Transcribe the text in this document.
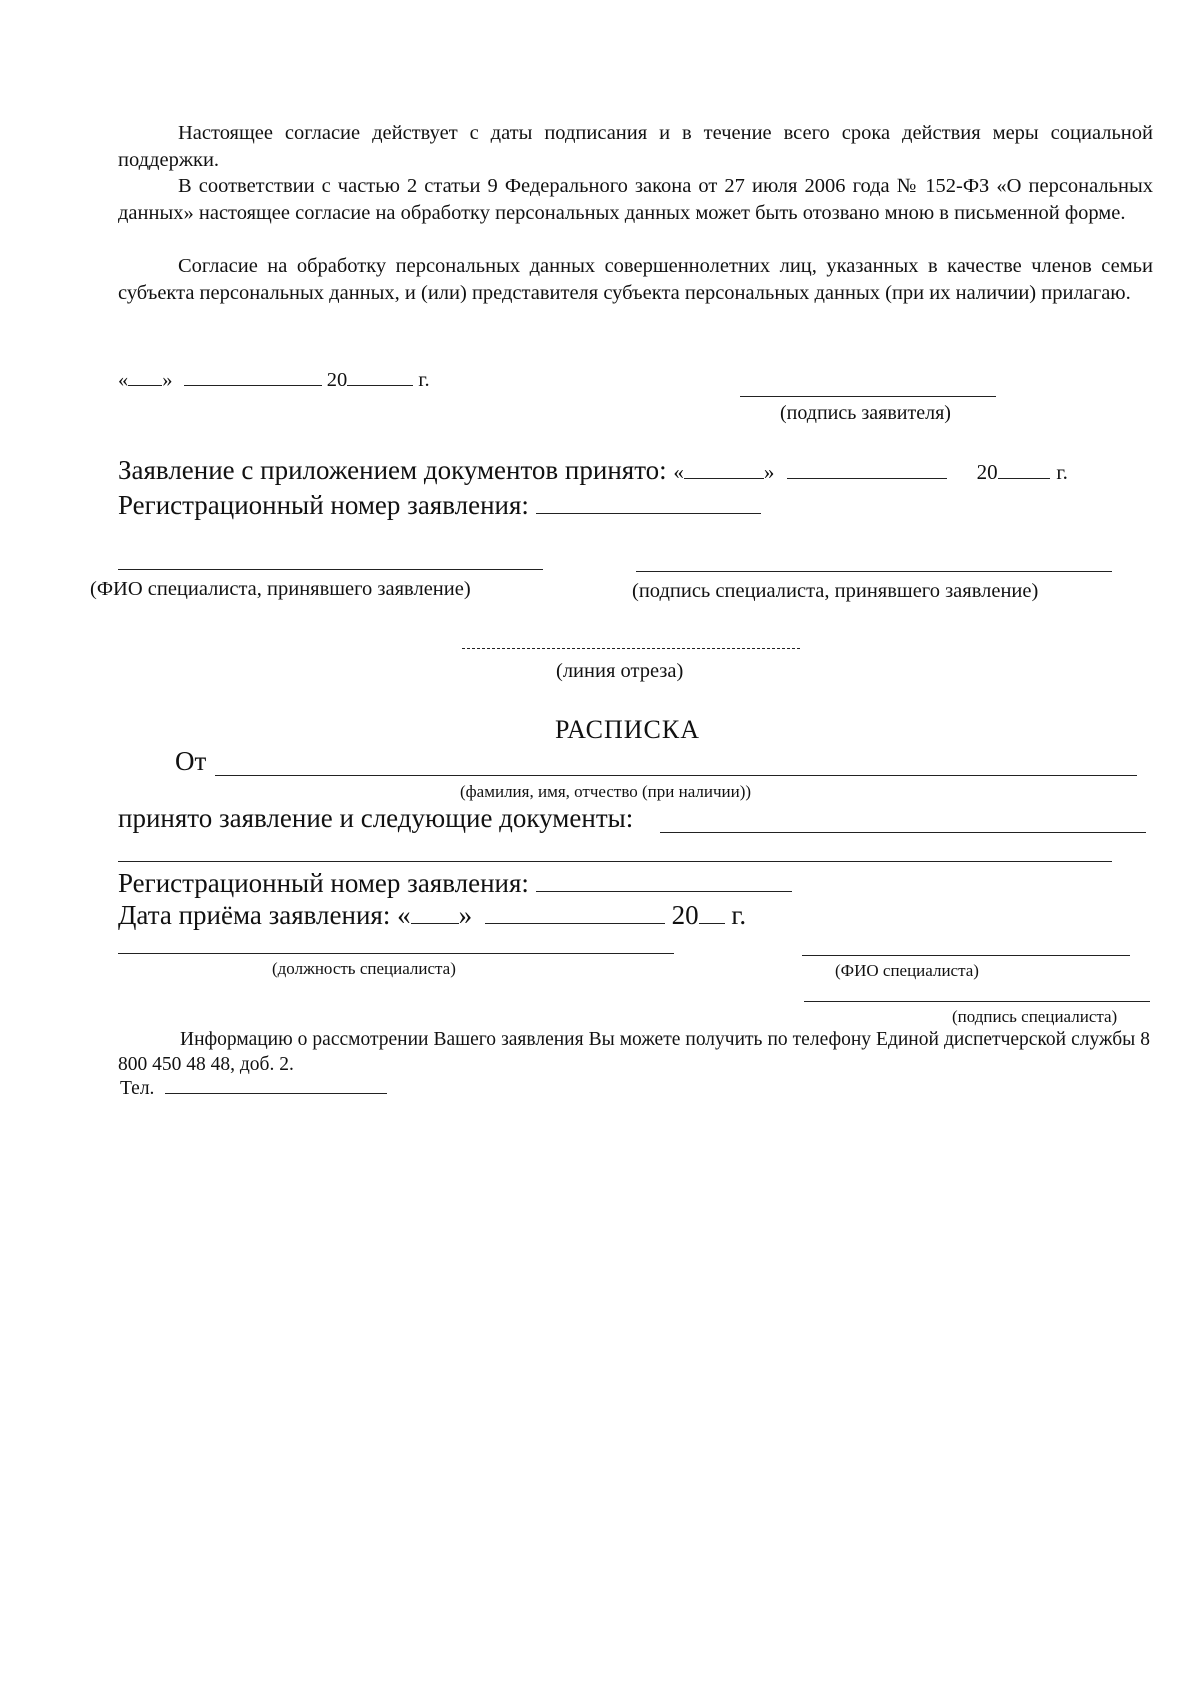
Настоящее согласие действует с даты подписания и в течение всего срока действия меры социальной поддержки.
В соответствии с частью 2 статьи 9 Федерального закона от 27 июля 2006 года № 152-ФЗ «О персональных данных» настоящее согласие на обработку персональных данных может быть отозвано мною в письменной форме.
Согласие на обработку персональных данных совершеннолетних лиц, указанных в качестве членов семьи субъекта персональных данных, и (или) представителя субъекта персональных данных (при их наличии) прилагаю.
« »	20	г.
(подпись заявителя)
Заявление с приложением документов принято: «	»	20	г.
Регистрационный номер заявления:
(ФИО специалиста, принявшего заявление)	(подпись специалиста, принявшего заявление)
(линия отреза)
РАСПИСКА
От
(фамилия, имя, отчество (при наличии))
принято заявление и следующие документы:
Регистрационный номер заявления:
Дата приёма заявления: « »	20 г.
(должность специалиста)	(ФИО специалиста)
(подпись специалиста)
Информацию о рассмотрении Вашего заявления Вы можете получить по телефону Единой диспетчерской службы 8 800 450 48 48, доб. 2.
Тел.
